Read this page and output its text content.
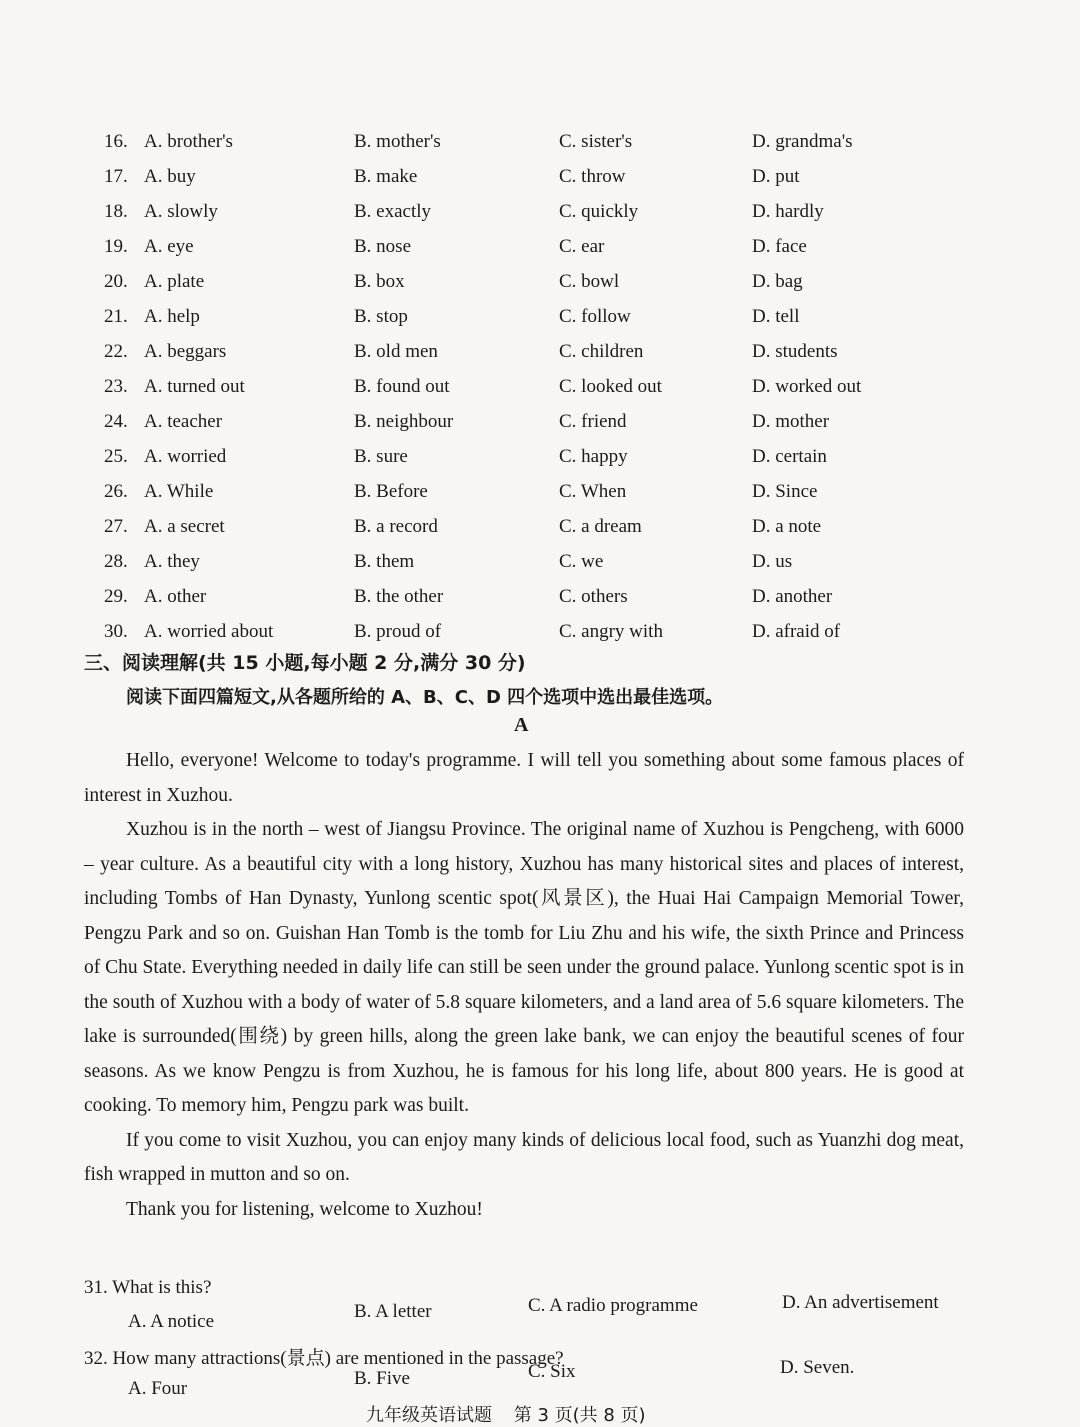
16. A. brother's	B. mother's	C. sister's	D. grandma's
17. A. buy	B. make	C. throw	D. put
18. A. slowly	B. exactly	C. quickly	D. hardly
19. A. eye	B. nose	C. ear	D. face
20. A. plate	B. box	C. bowl	D. bag
21. A. help	B. stop	C. follow	D. tell
22. A. beggars	B. old men	C. children	D. students
23. A. turned out	B. found out	C. looked out	D. worked out
24. A. teacher	B. neighbour	C. friend	D. mother
25. A. worried	B. sure	C. happy	D. certain
26. A. While	B. Before	C. When	D. Since
27. A. a secret	B. a record	C. a dream	D. a note
28. A. they	B. them	C. we	D. us
29. A. other	B. the other	C. others	D. another
30. A. worried about	B. proud of	C. angry with	D. afraid of
三、阅读理解(共 15 小题,每小题 2 分,满分 30 分)
阅读下面四篇短文,从各题所给的 A、B、C、D 四个选项中选出最佳选项。
A

Hello, everyone! Welcome to today's programme. I will tell you something about some famous places of interest in Xuzhou.

Xuzhou is in the north – west of Jiangsu Province. The original name of Xuzhou is Pengcheng, with 6000 – year culture. As a beautiful city with a long history, Xuzhou has many historical sites and places of interest, including Tombs of Han Dynasty, Yunlong scentic spot(风景区), the Huai Hai Campaign Memorial Tower, Pengzu Park and so on. Guishan Han Tomb is the tomb for Liu Zhu and his wife, the sixth Prince and Princess of Chu State. Everything needed in daily life can still be seen under the ground palace. Yunlong scentic spot is in the south of Xuzhou with a body of water of 5.8 square kilometers, and a land area of 5.6 square kilometers. The lake is surrounded(围绕) by green hills, along the green lake bank, we can enjoy the beautiful scenes of four seasons. As we know Pengzu is from Xuzhou, he is famous for his long life, about 800 years. He is good at cooking. To memory him, Pengzu park was built.

If you come to visit Xuzhou, you can enjoy many kinds of delicious local food, such as Yuanzhi dog meat, fish wrapped in mutton and so on.

Thank you for listening, welcome to Xuzhou!

31. What is this?
A. A notice	B. A letter	C. A radio programme	D. An advertisement
32. How many attractions(景点) are mentioned in the passage?
A. Four	B. Five	C. Six	D. Seven.
九年级英语试题 第 3 页(共 8 页)
